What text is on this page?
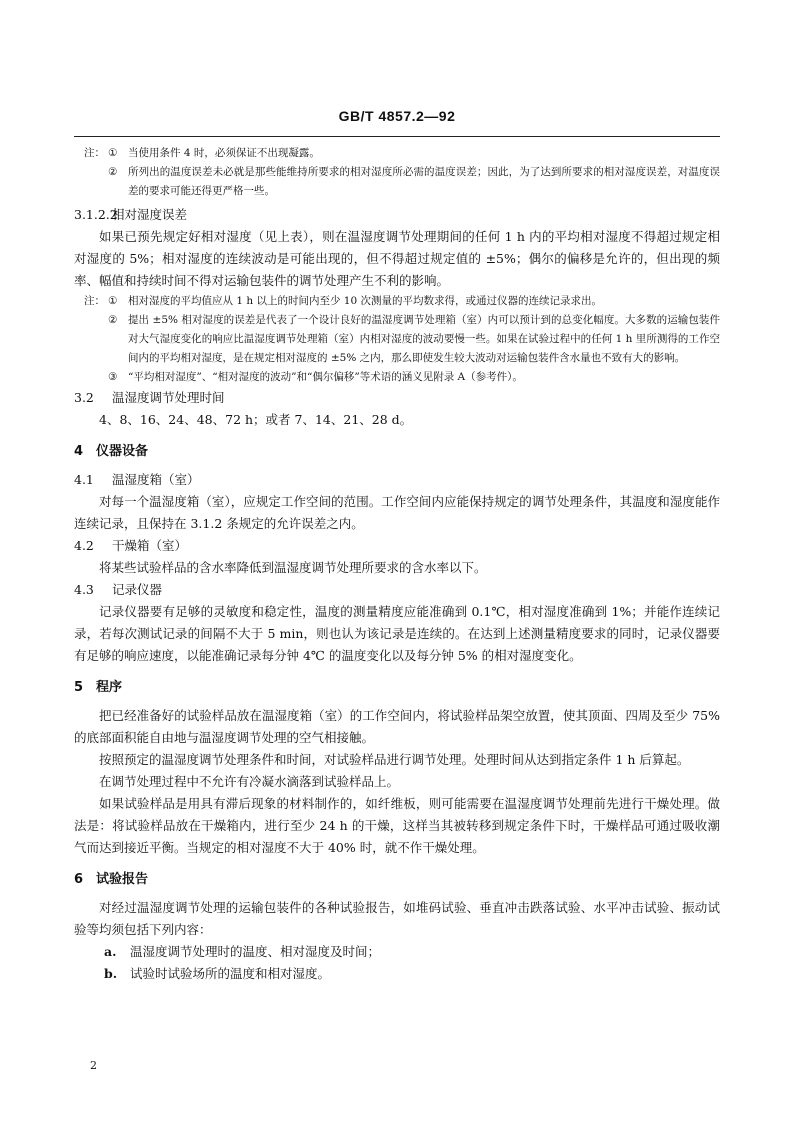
GB/T 4857.2—92
注： ①	当使用条件 4 时，必须保证不出现凝露。
②	所列出的温度误差未必就是那些能维持所要求的相对湿度所必需的温度误差；因此，为了达到所要求的相对湿度误差，对温度误差的要求可能还得更严格一些。
3.1.2.2相对湿度误差
如果已预先规定好相对湿度（见上表），则在温湿度调节处理期间的任何 1 h 内的平均相对湿度不得超过规定相对湿度的 5%；相对湿度的连续波动是可能出现的，但不得超过规定值的 ±5%；偶尔的偏移是允许的，但出现的频率、幅值和持续时间不得对运输包装件的调节处理产生不利的影响。
注： ①	相对湿度的平均值应从 1 h 以上的时间内至少 10 次测量的平均数求得，或通过仪器的连续记录求出。
②	提出 ±5% 相对湿度的误差是代表了一个设计良好的温湿度调节处理箱（室）内可以预计到的总变化幅度。大多数的运输包装件对大气湿度变化的响应比温湿度调节处理箱（室）内相对湿度的波动要慢一些。如果在试验过程中的任何 1 h 里所测得的工作空间内的平均相对湿度，是在规定相对湿度的 ±5% 之内，那么即使发生较大波动对运输包装件含水量也不致有大的影响。
③	“平均相对湿度”、“相对湿度的波动”和“偶尔偏移”等术语的涵义见附录 A（参考件）。
3.2 温湿度调节处理时间
4、8、16、24、48、72 h；或者 7、14、21、28 d。
4 仪器设备
4.1 温湿度箱（室）
对每一个温湿度箱（室），应规定工作空间的范围。工作空间内应能保持规定的调节处理条件，其温度和湿度能作连续记录，且保持在 3.1.2 条规定的允许误差之内。
4.2 干燥箱（室）
将某些试验样品的含水率降低到温湿度调节处理所要求的含水率以下。
4.3 记录仪器
记录仪器要有足够的灵敏度和稳定性，温度的测量精度应能准确到 0.1℃，相对湿度准确到 1%；并能作连续记录，若每次测试记录的间隔不大于 5 min，则也认为该记录是连续的。在达到上述测量精度要求的同时，记录仪器要有足够的响应速度，以能准确记录每分钟 4℃ 的温度变化以及每分钟 5% 的相对湿度变化。
5 程序
把已经准备好的试验样品放在温湿度箱（室）的工作空间内，将试验样品架空放置，使其顶面、四周及至少 75% 的底部面积能自由地与温湿度调节处理的空气相接触。
按照预定的温湿度调节处理条件和时间，对试验样品进行调节处理。处理时间从达到指定条件 1 h 后算起。
在调节处理过程中不允许有冷凝水滴落到试验样品上。
如果试验样品是用具有滞后现象的材料制作的，如纤维板，则可能需要在温湿度调节处理前先进行干燥处理。做法是：将试验样品放在干燥箱内，进行至少 24 h 的干燥，这样当其被转移到规定条件下时，干燥样品可通过吸收潮气而达到接近平衡。当规定的相对湿度不大于 40% 时，就不作干燥处理。
6 试验报告
对经过温湿度调节处理的运输包装件的各种试验报告，如堆码试验、垂直冲击跌落试验、水平冲击试验、振动试验等均须包括下列内容：
a.	温湿度调节处理时的温度、相对湿度及时间；
b.	试验时试验场所的温度和相对湿度。
2
